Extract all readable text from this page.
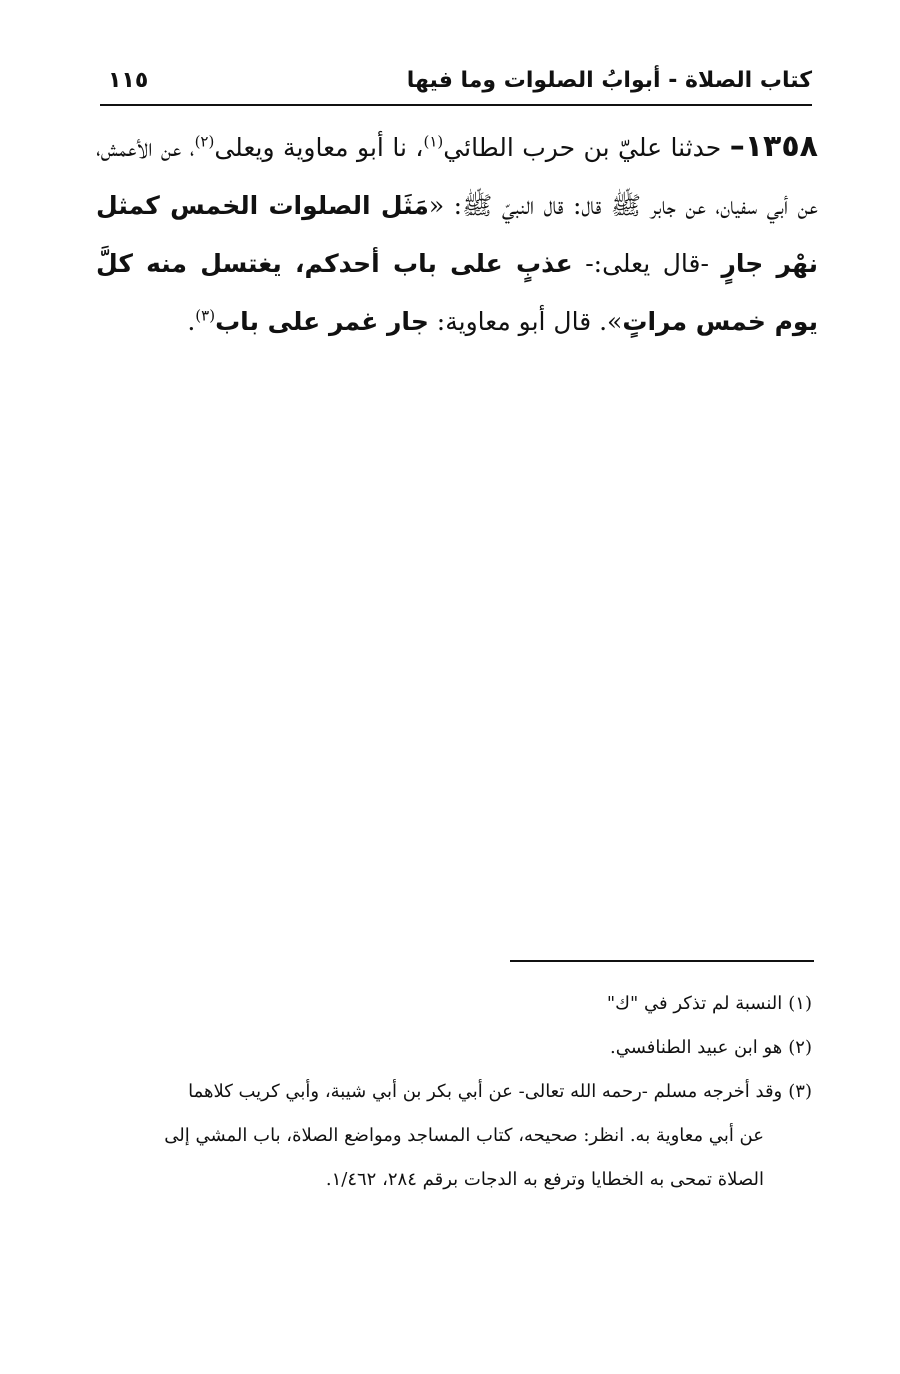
كتاب الصلاة - أبوابُ الصلوات وما فيها
١١٥
١٣٥٨– حدثنا عليّ بن حرب الطائي$^{(١)}$، نا أبو معاوية ويعلى$^{(٢)}$، عن الأعمش، عن أبي سفيان، عن جابر ﷺ قال: قال النبيّ ﷺ: «مَثَل الصلوات الخمس كمثل نهْر جارٍ -قال يعلى:- عذبٍ على باب أحدكم، يغتسل منه كلَّ يوم خمس مراتٍ». قال أبو معاوية: جار غمر على باب$^{(٣)}$.

(١)النسبة لم تذكر في "ك"

(٢)هو ابن عبيد الطنافسي.

(٣)وقد أخرجه مسلم -رحمه الله تعالى- عن أبي بكر بن أبي شيبة، وأبي كريب كلاهما
عن أبي معاوية به. انظر: صحيحه، كتاب المساجد ومواضع الصلاة، باب المشي إلى
الصلاة تمحى به الخطايا وترفع به الدجات برقم ٢٨٤، ١/٤٦٢.
